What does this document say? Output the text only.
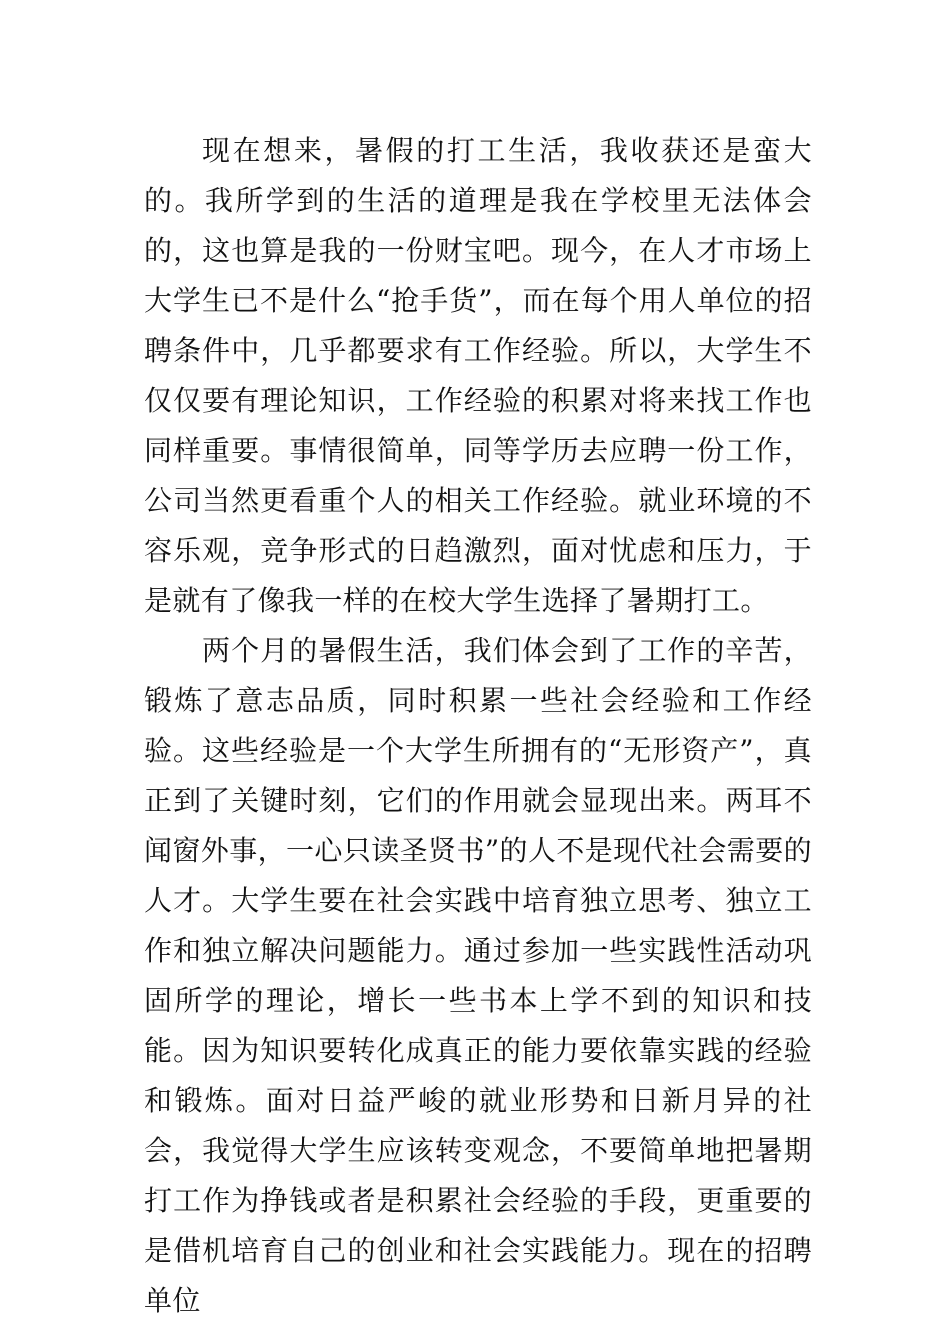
现在想来，暑假的打工生活，我收获还是蛮大的。我所学到的生活的道理是我在学校里无法体会的，这也算是我的一份财宝吧。现今，在人才市场上大学生已不是什么“抢手货”，而在每个用人单位的招聘条件中，几乎都要求有工作经验。所以，大学生不仅仅要有理论知识，工作经验的积累对将来找工作也同样重要。事情很简单，同等学历去应聘一份工作，公司当然更看重个人的相关工作经验。就业环境的不容乐观，竞争形式的日趋激烈，面对忧虑和压力，于是就有了像我一样的在校大学生选择了暑期打工。

两个月的暑假生活，我们体会到了工作的辛苦，锻炼了意志品质，同时积累一些社会经验和工作经验。这些经验是一个大学生所拥有的“无形资产”，真正到了关键时刻，它们的作用就会显现出来。两耳不闻窗外事，一心只读圣贤书”的人不是现代社会需要的人才。大学生要在社会实践中培育独立思考、独立工作和独立解决问题能力。通过参加一些实践性活动巩固所学的理论，增长一些书本上学不到的知识和技能。因为知识要转化成真正的能力要依靠实践的经验和锻炼。面对日益严峻的就业形势和日新月异的社会，我觉得大学生应该转变观念，不要简单地把暑期打工作为挣钱或者是积累社会经验的手段，更重要的是借机培育自己的创业和社会实践能力。现在的招聘单位
